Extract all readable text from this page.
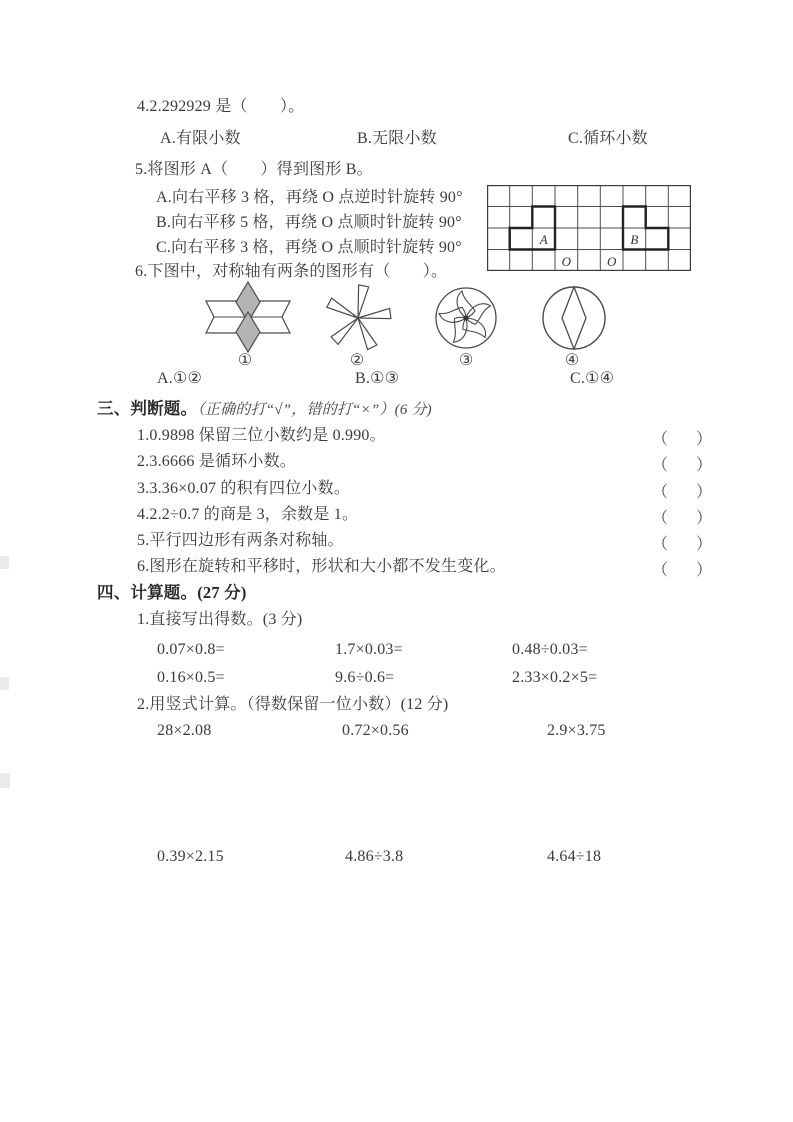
4.2.292929 是（　　）。
A.有限小数	B.无限小数	C.循环小数
5.将图形 A（　　）得到图形 B。
A.向右平移 3 格，再绕 O 点逆时针旋转 90°
B.向右平移 5 格，再绕 O 点顺时针旋转 90°
C.向右平移 3 格，再绕 O 点顺时针旋转 90°	A	B
O	O
6.下图中，对称轴有两条的图形有（　　）。
①	②	③	④
A.①②	B.①③	C.①④
三、判断题。（正确的打“√”，错的打“×”）(6 分)
1.0.9898 保留三位小数约是 0.990。	（ ）
2.3.6666 是循环小数。	（ ）
3.3.36×0.07 的积有四位小数。	（ ）
4.2.2÷0.7 的商是 3，余数是 1。	（ ）
5.平行四边形有两条对称轴。	（ ）
6.图形在旋转和平移时，形状和大小都不发生变化。	（ ）
四、计算题。(27 分)
1.直接写出得数。(3 分)
0.07×0.8=	1.7×0.03=	0.48÷0.03=
0.16×0.5=	9.6÷0.6=	2.33×0.2×5=
2.用竖式计算。（得数保留一位小数）(12 分)
28×2.08	0.72×0.56	2.9×3.75
0.39×2.15	4.86÷3.8	4.64÷18
